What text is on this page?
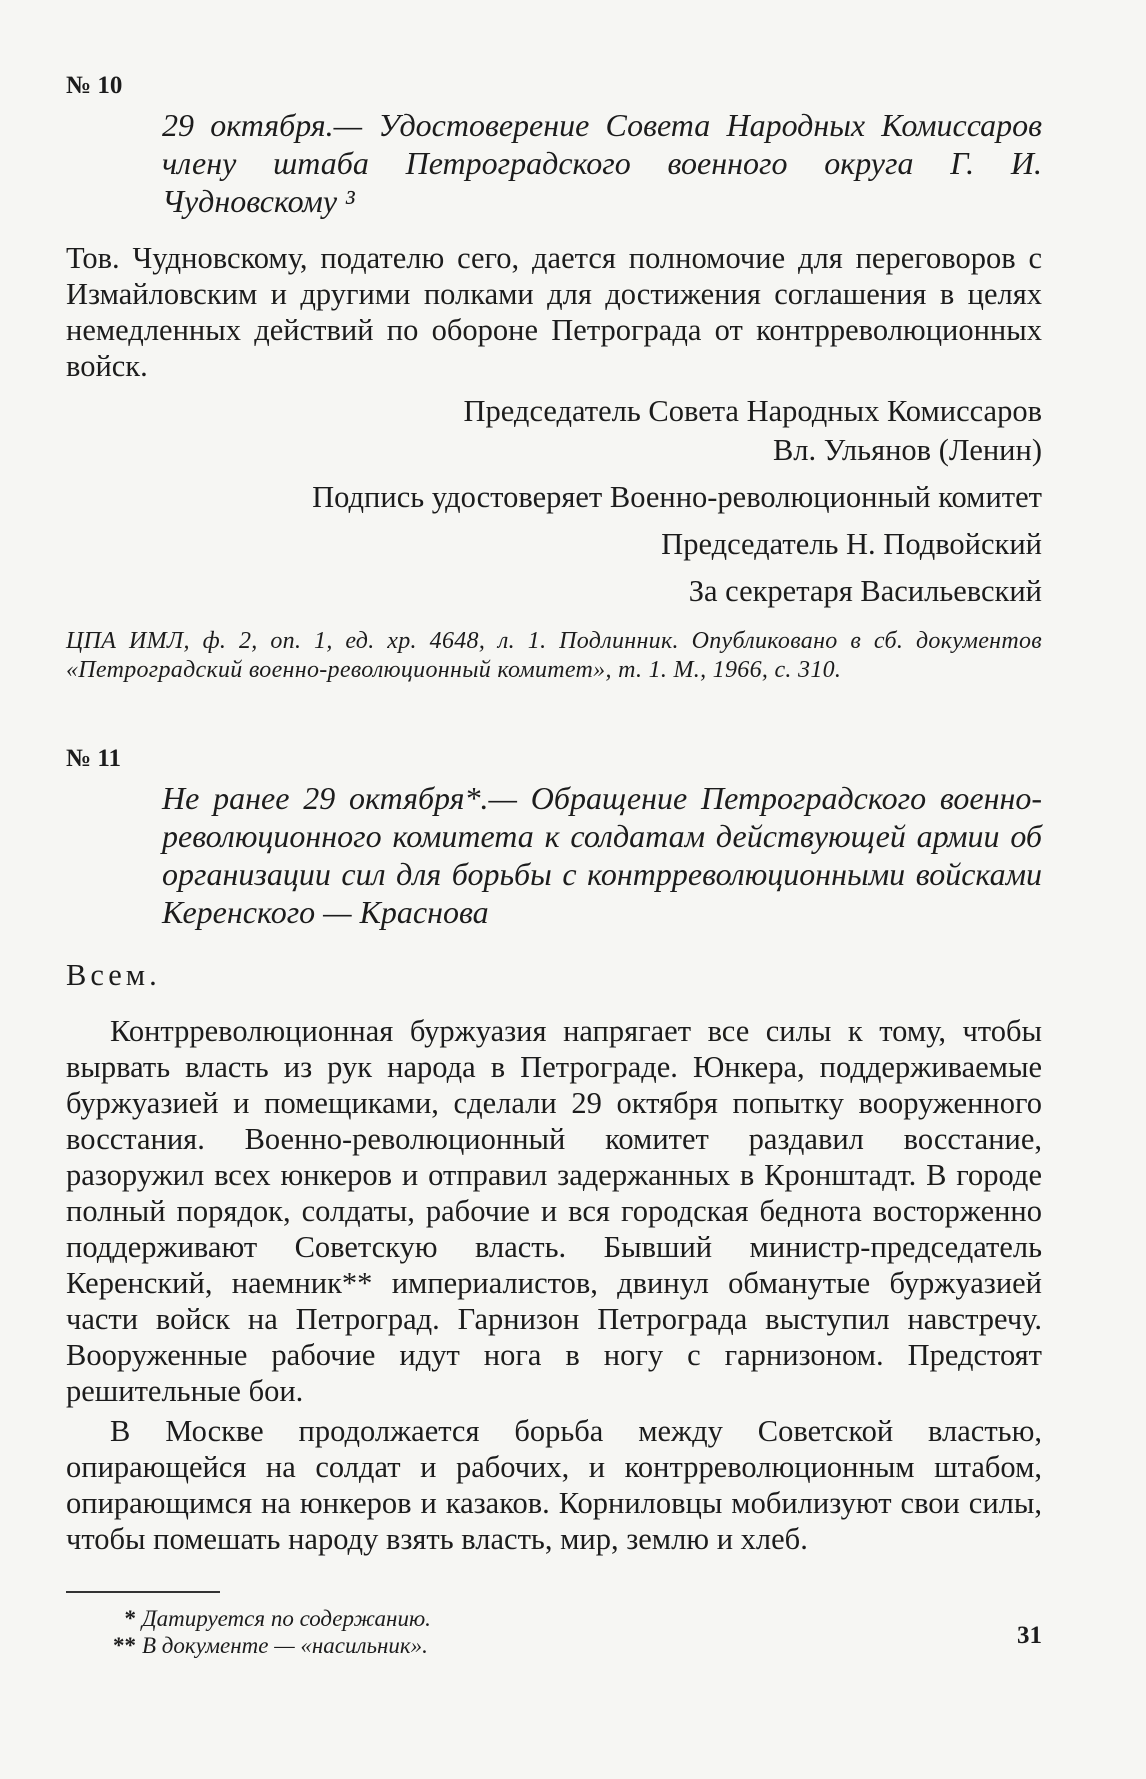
№ 10

29 октября.— Удостоверение Совета Народных Комиссаров члену штаба Петроградского военного округа Г. И. Чудновскому ³

Тов. Чудновскому, подателю сего, дается полномочие для переговоров с Измайловским и другими полками для достижения соглашения в целях немедленных действий по обороне Петрограда от контрреволюционных войск.

Председатель Совета Народных Комиссаров
Вл. Ульянов (Ленин)
Подпись удостоверяет Военно-революционный комитет
Председатель Н. Подвойский
За секретаря Васильевский

ЦПА ИМЛ, ф. 2, оп. 1, ед. хр. 4648, л. 1. Подлинник. Опубликовано в сб. документов «Петроградский военно-революционный комитет», т. 1. М., 1966, с. 310.

№ 11

Не ранее 29 октября*.— Обращение Петроградского военно-революционного комитета к солдатам действующей армии об организации сил для борьбы с контрреволюционными войсками Керенского — Краснова

Всем.

Контрреволюционная буржуазия напрягает все силы к тому, чтобы вырвать власть из рук народа в Петрограде. Юнкера, поддерживаемые буржуазией и помещиками, сделали 29 октября попытку вооруженного восстания. Военно-революционный комитет раздавил восстание, разоружил всех юнкеров и отправил задержанных в Кронштадт. В городе полный порядок, солдаты, рабочие и вся городская беднота восторженно поддерживают Советскую власть. Бывший министр-председатель Керенский, наемник** империалистов, двинул обманутые буржуазией части войск на Петроград. Гарнизон Петрограда выступил навстречу. Вооруженные рабочие идут нога в ногу с гарнизоном. Предстоят решительные бои.

В Москве продолжается борьба между Советской властью, опирающейся на солдат и рабочих, и контрреволюционным штабом, опирающимся на юнкеров и казаков. Корниловцы мобилизуют свои силы, чтобы помешать народу взять власть, мир, землю и хлеб.

* Датируется по содержанию.
** В документе — «насильник».	31
